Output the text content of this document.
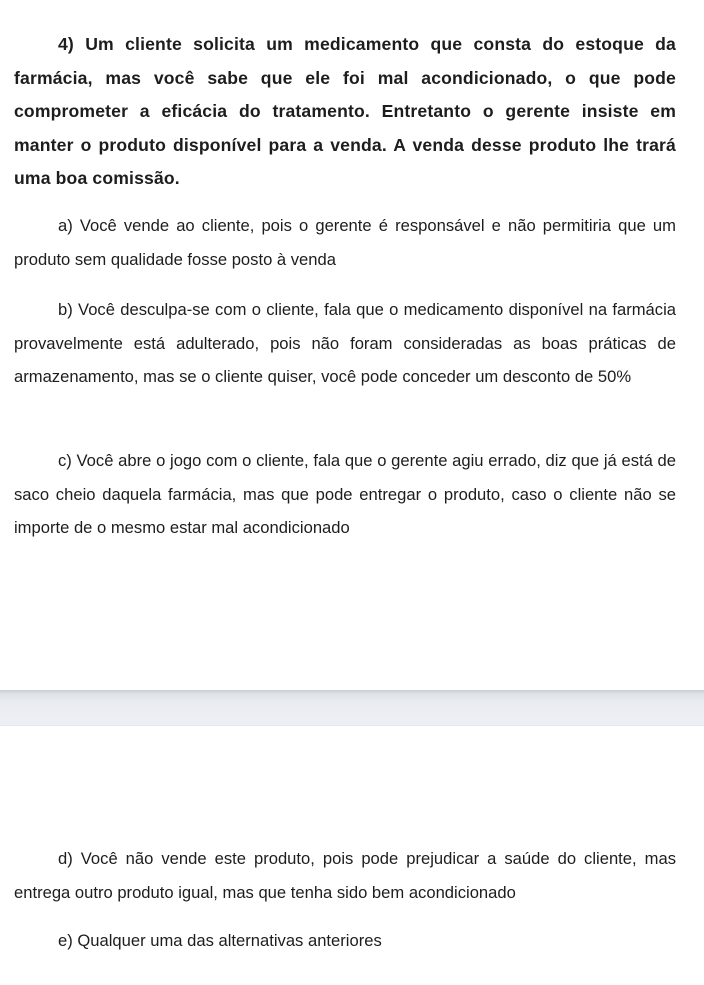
4) Um cliente solicita um medicamento que consta do estoque da farmácia, mas você sabe que ele foi mal acondicionado, o que pode comprometer a eficácia do tratamento. Entretanto o gerente insiste em manter o produto disponível para a venda. A venda desse produto lhe trará uma boa comissão.

a) Você vende ao cliente, pois o gerente é responsável e não permitiria que um produto sem qualidade fosse posto à venda

b) Você desculpa-se com o cliente, fala que o medicamento disponível na farmácia provavelmente está adulterado, pois não foram consideradas as boas práticas de armazenamento, mas se o cliente quiser, você pode conceder um desconto de 50%

c) Você abre o jogo com o cliente, fala que o gerente agiu errado, diz que já está de saco cheio daquela farmácia, mas que pode entregar o produto, caso o cliente não se importe de o mesmo estar mal acondicionado

d) Você não vende este produto, pois pode prejudicar a saúde do cliente, mas entrega outro produto igual, mas que tenha sido bem acondicionado

e) Qualquer uma das alternativas anteriores
